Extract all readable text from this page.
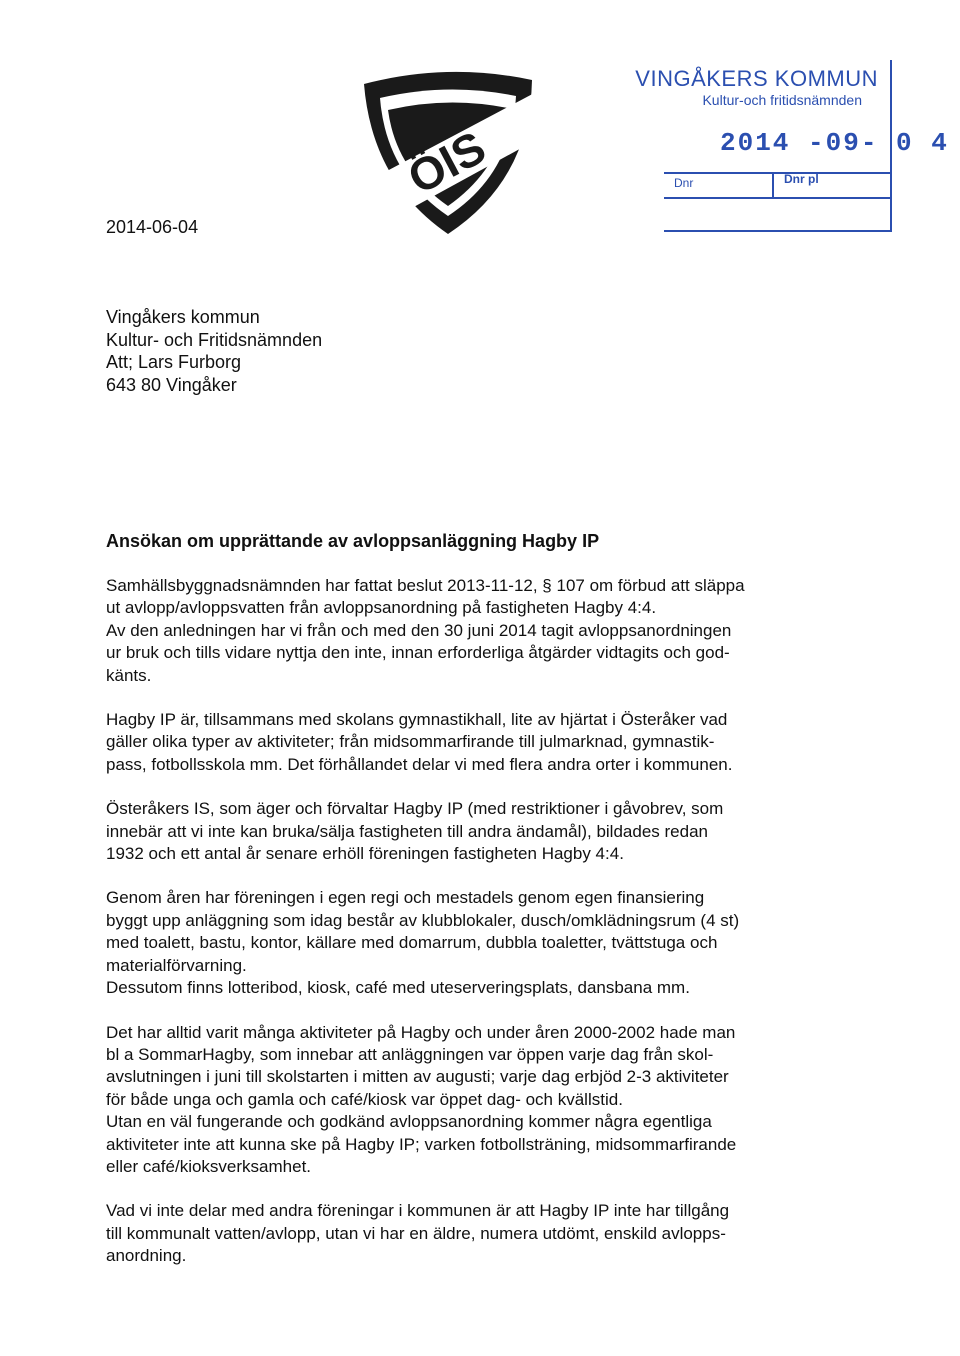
ÖIS
VINGÅKERS KOMMUN
Kultur-och fritidsnämnden
2014 -09- 0 4
Dnr	Dnr pl
2014-06-04
Vingåkers kommun
Kultur- och Fritidsnämnden
Att; Lars Furborg
643 80 Vingåker
Ansökan om upprättande av avloppsanläggning Hagby IP

Samhällsbyggnadsnämnden har fattat beslut 2013-11-12, § 107 om förbud att släppa
ut avlopp/avloppsvatten från avloppsanordning på fastigheten Hagby 4:4.
Av den anledningen har vi från och med den 30 juni 2014 tagit avloppsanordningen
ur bruk och tills vidare nyttja den inte, innan erforderliga åtgärder vidtagits och god-
känts.

Hagby IP är, tillsammans med skolans gymnastikhall, lite av hjärtat i Österåker vad
gäller olika typer av aktiviteter; från midsommarfirande till julmarknad, gymnastik-
pass, fotbollsskola mm. Det förhållandet delar vi med flera andra orter i kommunen.

Österåkers IS, som äger och förvaltar Hagby IP (med restriktioner i gåvobrev, som
innebär att vi inte kan bruka/sälja fastigheten till andra ändamål), bildades redan
1932 och ett antal år senare erhöll föreningen fastigheten Hagby 4:4.

Genom åren har föreningen i egen regi och mestadels genom egen finansiering
byggt upp anläggning som idag består av klubblokaler, dusch/omklädningsrum (4 st)
med toalett, bastu, kontor, källare med domarrum, dubbla toaletter, tvättstuga och
materialförvarning.
Dessutom finns lotteribod, kiosk, café med uteserveringsplats, dansbana mm.

Det har alltid varit många aktiviteter på Hagby och under åren 2000-2002 hade man
bl a SommarHagby, som innebar att anläggningen var öppen varje dag från skol-
avslutningen i juni till skolstarten i mitten av augusti; varje dag erbjöd 2-3 aktiviteter
för både unga och gamla och café/kiosk var öppet dag- och kvällstid.
Utan en väl fungerande och godkänd avloppsanordning kommer några egentliga
aktiviteter inte att kunna ske på Hagby IP; varken fotbollsträning, midsommarfirande
eller café/kioksverksamhet.

Vad vi inte delar med andra föreningar i kommunen är att Hagby IP inte har tillgång
till kommunalt vatten/avlopp, utan vi har en äldre, numera utdömt, enskild avlopps-
anordning.
